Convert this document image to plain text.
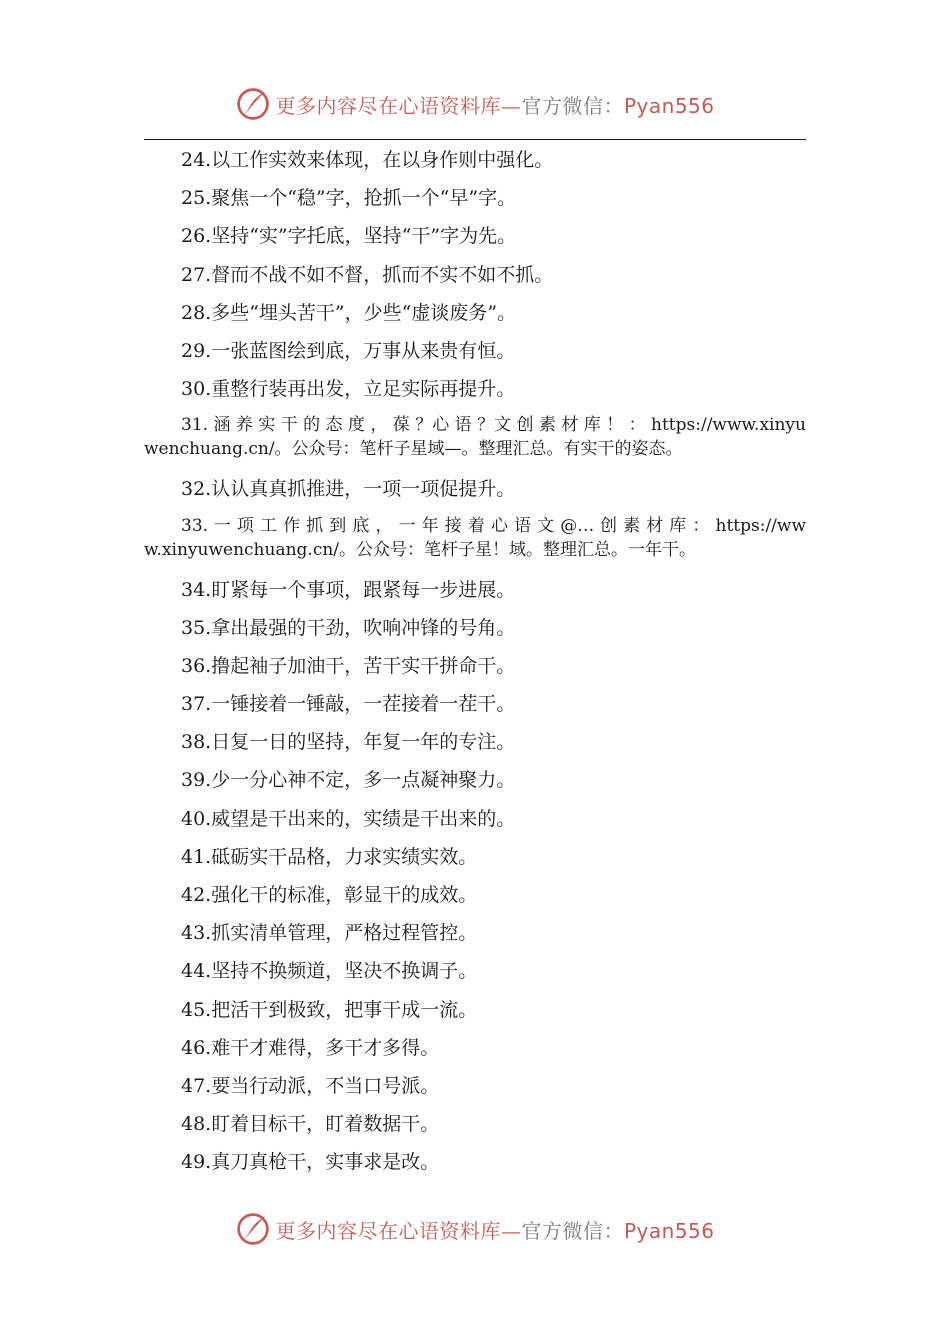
更多内容尽在心语资料库—官方微信：Pyan556
24.以工作实效来体现，在以身作则中强化。
25.聚焦一个“稳”字，抢抓一个“早”字。
26.坚持“实”字托底，坚持“干”字为先。
27.督而不战不如不督，抓而不实不如不抓。
28.多些“埋头苦干”，少些“虚谈废务”。
29.一张蓝图绘到底，万事从来贵有恒。
30.重整行装再出发，立足实际再提升。
31. 涵 养 实 干 的 态 度 ， 葆 ？心 语 ？文 创 素 材 库 ！ ： https://www.xinyuwenchuang.cn/。公众号：笔杆子星域—。整理汇总。有实干的姿态。
32.认认真真抓推进，一项一项促提升。
33. 一 项 工 作 抓 到 底 ， 一 年 接 着 心 语 文 @… 创 素 材 库 ： https://www.xinyuwenchuang.cn/。公众号：笔杆子星！域。整理汇总。一年干。
34.盯紧每一个事项，跟紧每一步进展。
35.拿出最强的干劲，吹响冲锋的号角。
36.撸起袖子加油干，苦干实干拼命干。
37.一锤接着一锤敲，一茬接着一茬干。
38.日复一日的坚持，年复一年的专注。
39.少一分心神不定，多一点凝神聚力。
40.威望是干出来的，实绩是干出来的。
41.砥砺实干品格，力求实绩实效。
42.强化干的标准，彰显干的成效。
43.抓实清单管理，严格过程管控。
44.坚持不换频道，坚决不换调子。
45.把活干到极致，把事干成一流。
46.难干才难得，多干才多得。
47.要当行动派，不当口号派。
48.盯着目标干，盯着数据干。
49.真刀真枪干，实事求是改。
更多内容尽在心语资料库—官方微信：Pyan556
